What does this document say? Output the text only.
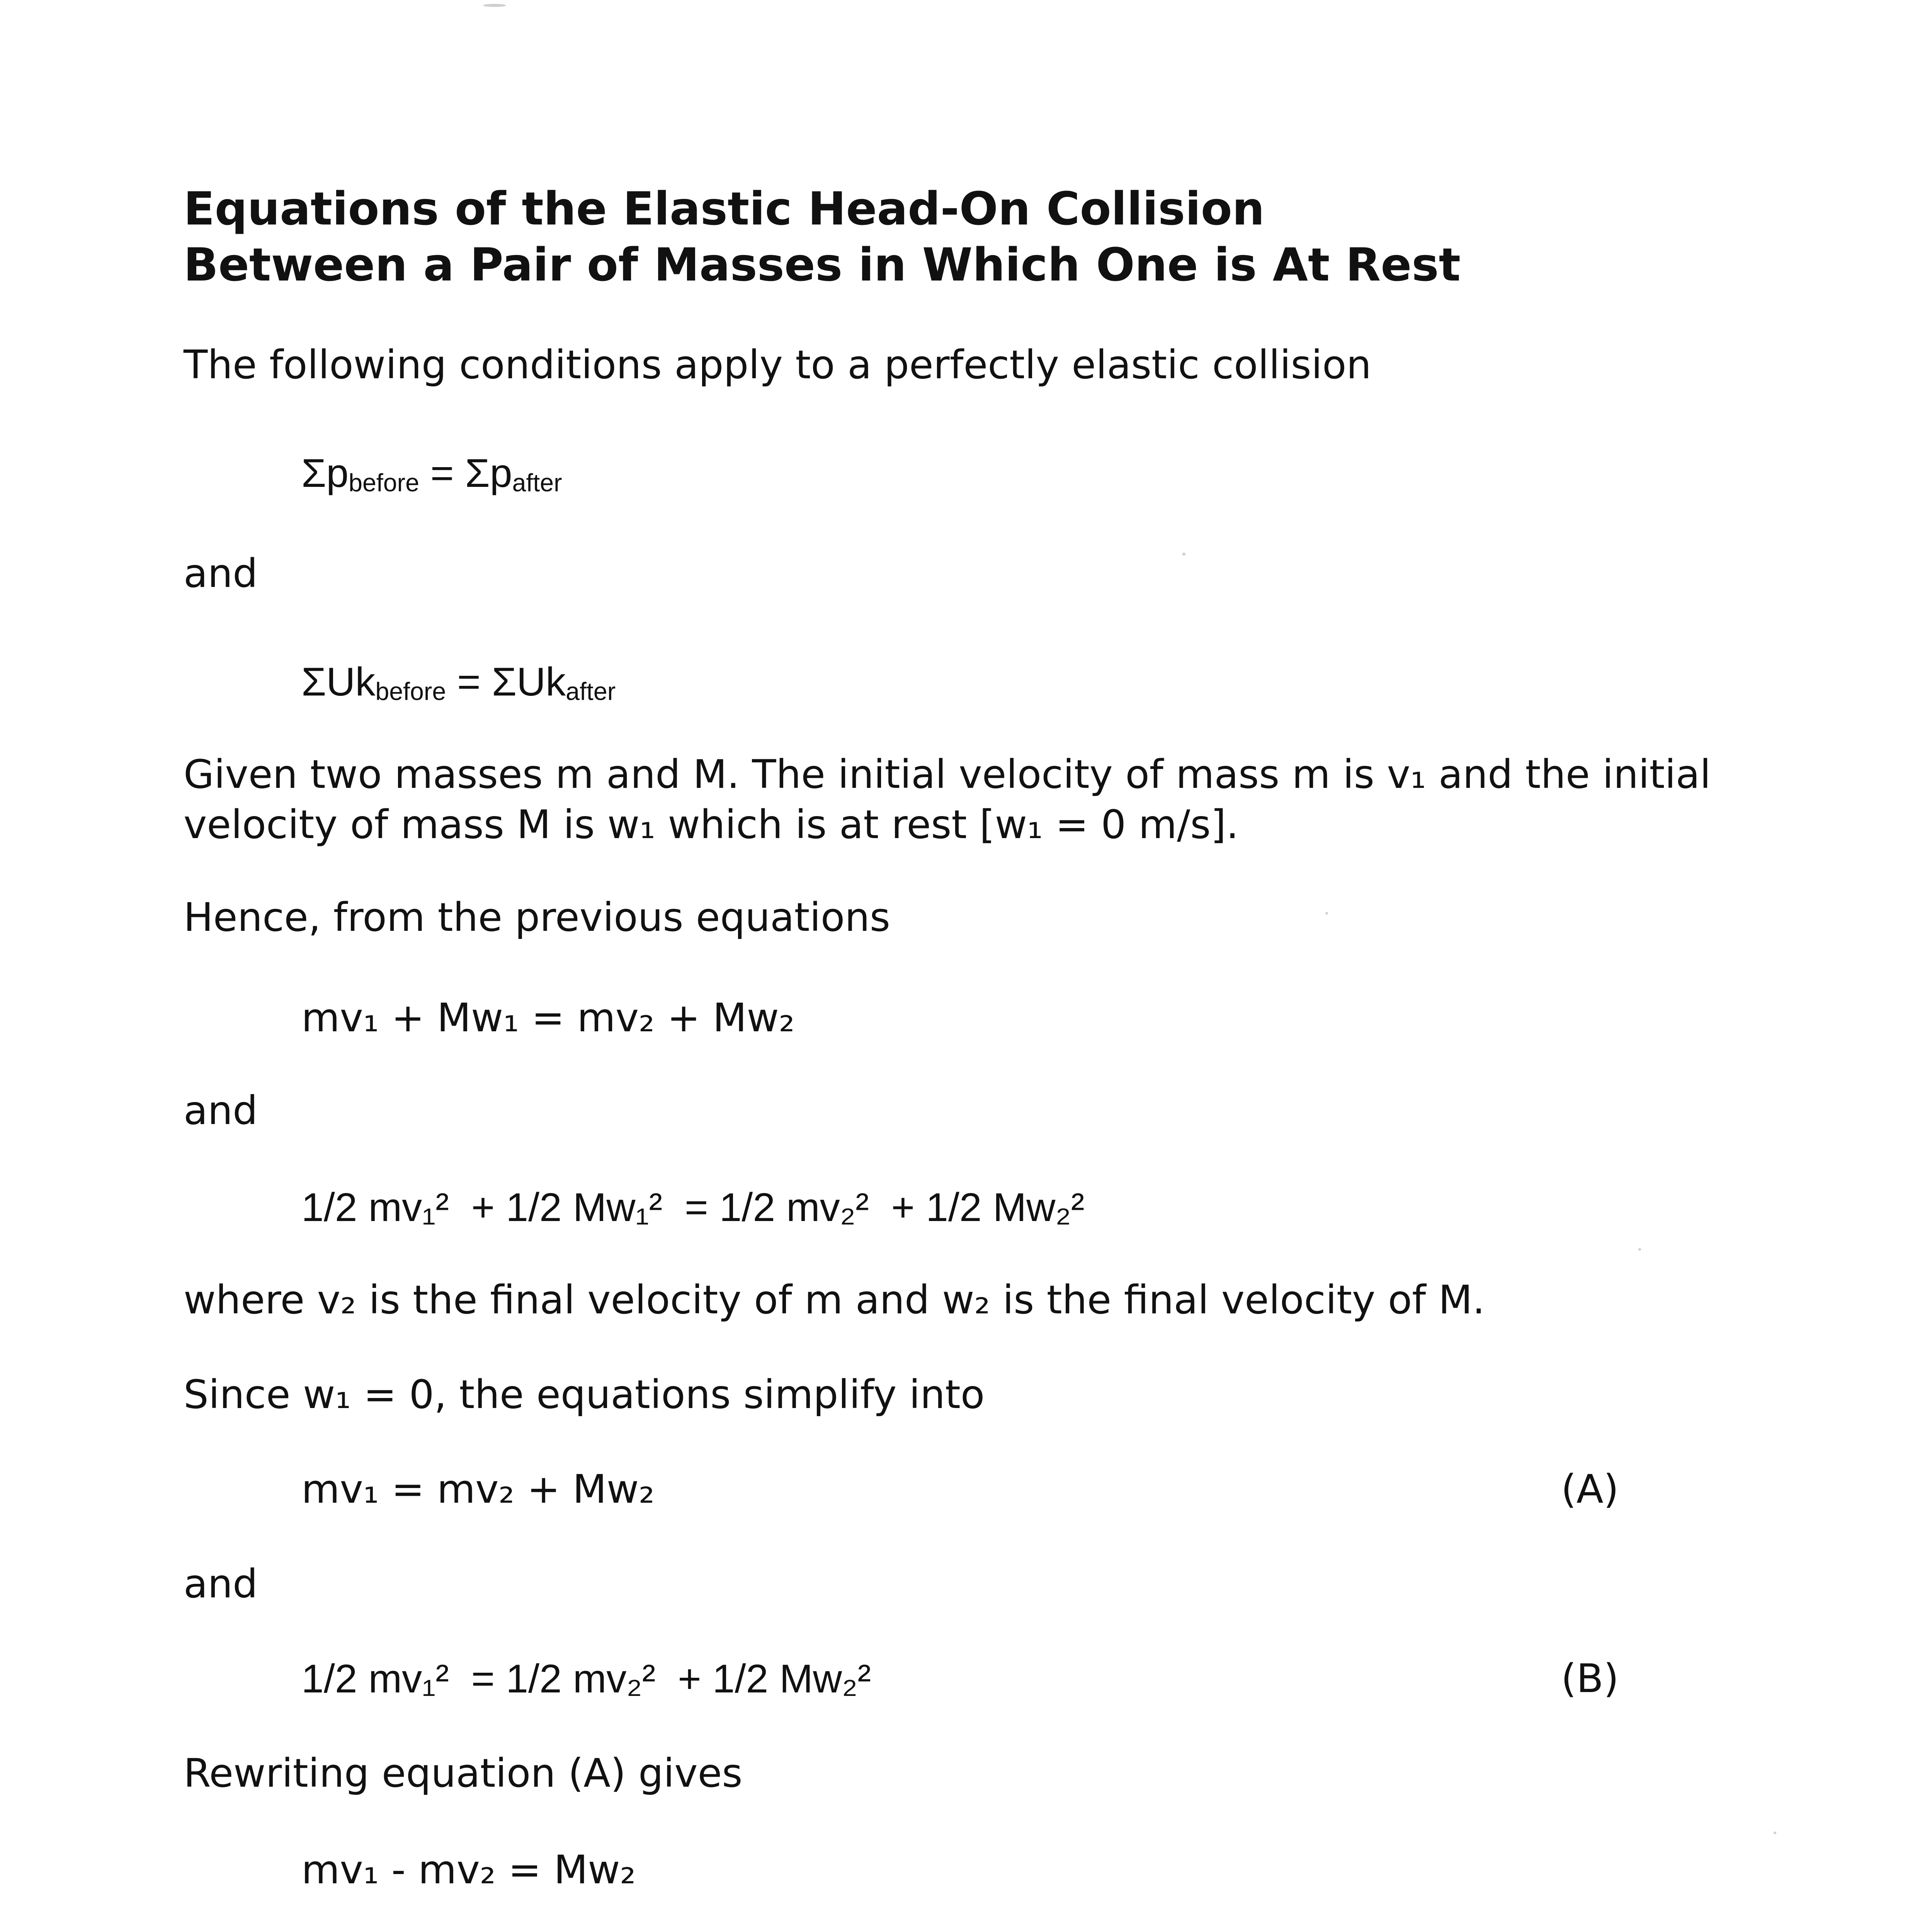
Equations of the Elastic Head-On Collision
Between a Pair of Masses in Which One is At Rest
The following conditions apply to a perfectly elastic collision
Σpbefore = Σpafter
and
ΣUkbefore = ΣUkafter
Given two masses m and M. The initial velocity of mass m is v₁ and the initial
velocity of mass M is w₁ which is at rest [w₁ = 0 m/s].
Hence, from the previous equations
mv₁ + Mw₁ = mv₂ + Mw₂
and
1/2 mv₁²  + 1/2 Mw₁²  = 1/2 mv₂²  + 1/2 Mw₂²
where v₂ is the final velocity of m and w₂ is the final velocity of M.
Since w₁ = 0, the equations simplify into
mv₁ = mv₂ + Mw₂	(A)
and
1/2 mv₁²  = 1/2 mv₂²  + 1/2 Mw₂²	(B)
Rewriting equation (A) gives
mv₁ - mv₂ = Mw₂
